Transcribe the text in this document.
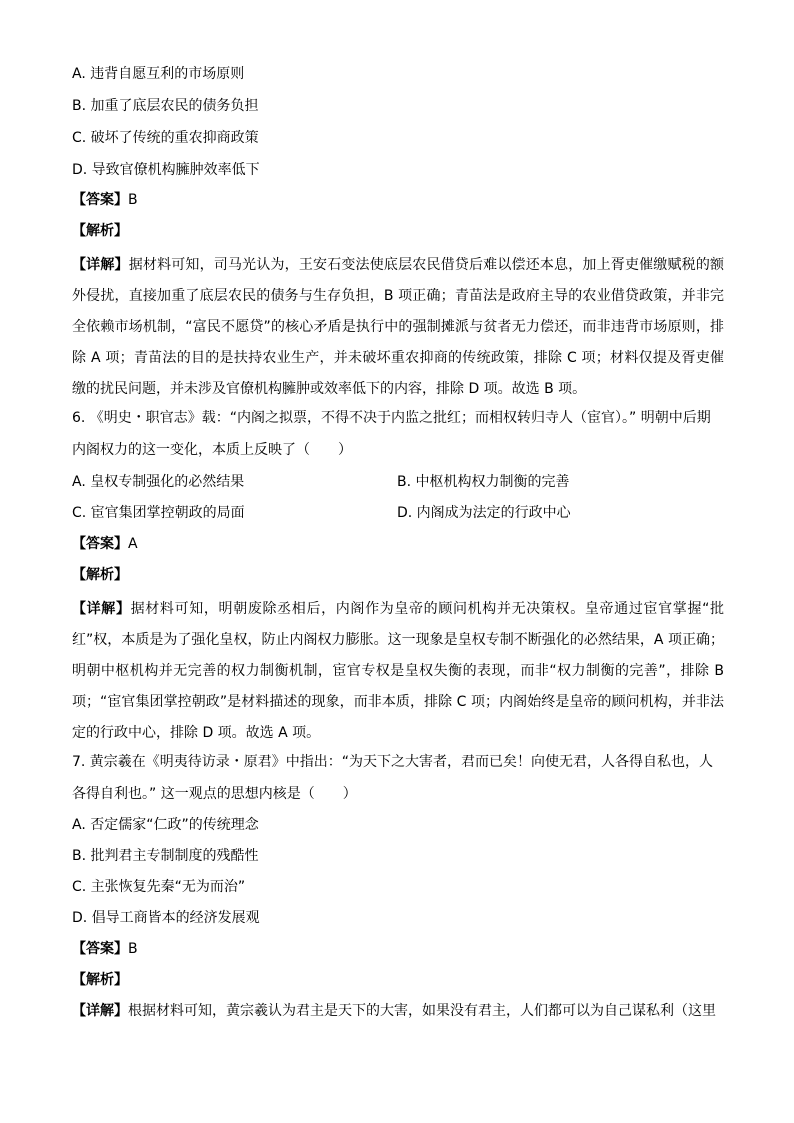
A. 违背自愿互利的市场原则
B. 加重了底层农民的债务负担
C. 破坏了传统的重农抑商政策
D. 导致官僚机构臃肿效率低下
【答案】B
【解析】
【详解】据材料可知，司马光认为，王安石变法使底层农民借贷后难以偿还本息，加上胥吏催缴赋税的额外侵扰，直接加重了底层农民的债务与生存负担，B 项正确；青苗法是政府主导的农业借贷政策，并非完全依赖市场机制，“富民不愿贷”的核心矛盾是执行中的强制摊派与贫者无力偿还，而非违背市场原则，排除 A 项；青苗法的目的是扶持农业生产，并未破坏重农抑商的传统政策，排除 C 项；材料仅提及胥吏催缴的扰民问题，并未涉及官僚机构臃肿或效率低下的内容，排除 D 项。故选 B 项。
6. 《明史・职官志》载：“内阁之拟票，不得不决于内监之批红；而相权转归寺人（宦官）。” 明朝中后期
内阁权力的这一变化，本质上反映了（　　）
A. 皇权专制强化的必然结果	B. 中枢机构权力制衡的完善
C. 宦官集团掌控朝政的局面	D. 内阁成为法定的行政中心
【答案】A
【解析】
【详解】据材料可知，明朝废除丞相后，内阁作为皇帝的顾问机构并无决策权。皇帝通过宦官掌握“批红”权，本质是为了强化皇权，防止内阁权力膨胀。这一现象是皇权专制不断强化的必然结果，A 项正确；明朝中枢机构并无完善的权力制衡机制，宦官专权是皇权失衡的表现，而非“权力制衡的完善”，排除 B 项；“宦官集团掌控朝政”是材料描述的现象，而非本质，排除 C 项；内阁始终是皇帝的顾问机构，并非法定的行政中心，排除 D 项。故选 A 项。
7. 黄宗羲在《明夷待访录・原君》中指出：“为天下之大害者，君而已矣！向使无君，人各得自私也，人
各得自利也。” 这一观点的思想内核是（　　）
A. 否定儒家“仁政”的传统理念
B. 批判君主专制制度的残酷性
C. 主张恢复先秦“无为而治”
D. 倡导工商皆本的经济发展观
【答案】B
【解析】
【详解】根据材料可知，黄宗羲认为君主是天下的大害，如果没有君主，人们都可以为自己谋私利（这里
